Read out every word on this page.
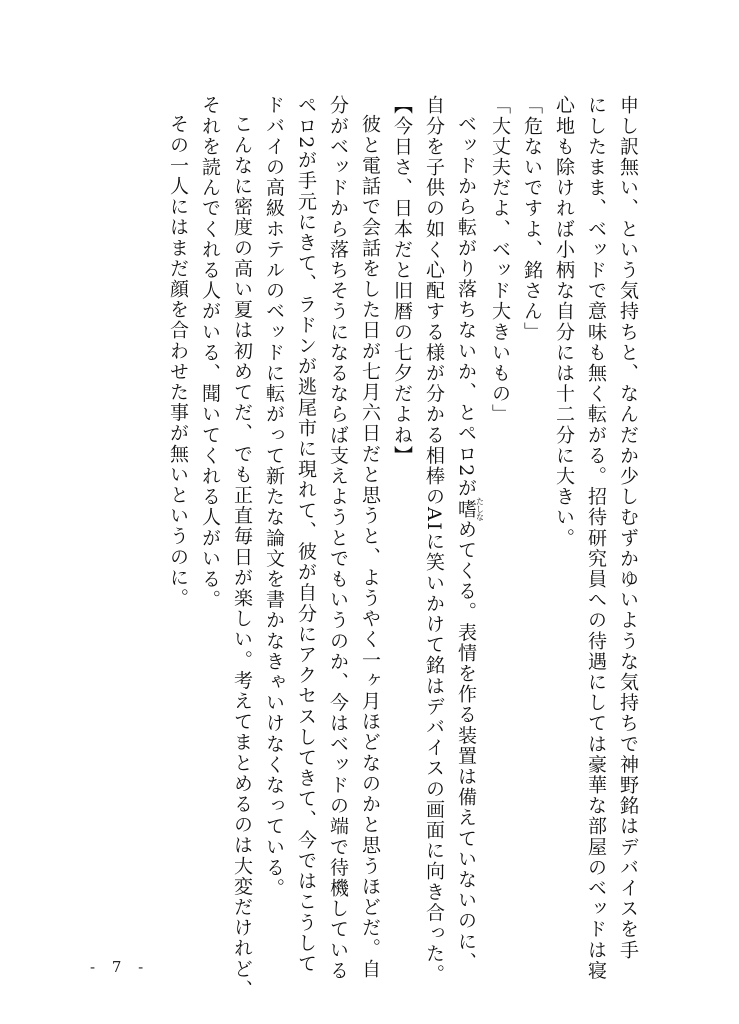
申し訳無い、という気持ちと、なんだか少しむずかゆいような気持ちで神野銘はデバイスを手
にしたまま、ベッドで意味も無く転がる。招待研究員への待遇にしては豪華な部屋のベッドは寝
心地も除ければ小柄な自分には十二分に大きい。
「危ないですよ、銘さん」
「大丈夫だよ、ベッド大きいもの」
ベッドから転がり落ちないか、とペロ2が嗜たしなめてくる。表情を作る装置は備えていないのに、
自分を子供の如く心配する様が分かる相棒のAIに笑いかけて銘はデバイスの画面に向き合った。
【今日さ、日本だと旧暦の七夕だよね】
彼と電話で会話をした日が七月六日だと思うと、ようやく一ヶ月ほどなのかと思うほどだ。自
分がベッドから落ちそうになるならば支えようとでもいうのか、今はベッドの端で待機している
ペロ2が手元にきて、ラドンが逃尾市に現れて、彼が自分にアクセスしてきて、今ではこうして
ドバイの高級ホテルのベッドに転がって新たな論文を書かなきゃいけなくなっている。
こんなに密度の高い夏は初めてだ、でも正直毎日が楽しい。考えてまとめるのは大変だけれど、
それを読んでくれる人がいる、聞いてくれる人がいる。
その一人にはまだ顔を合わせた事が無いというのに。
- 7 -
